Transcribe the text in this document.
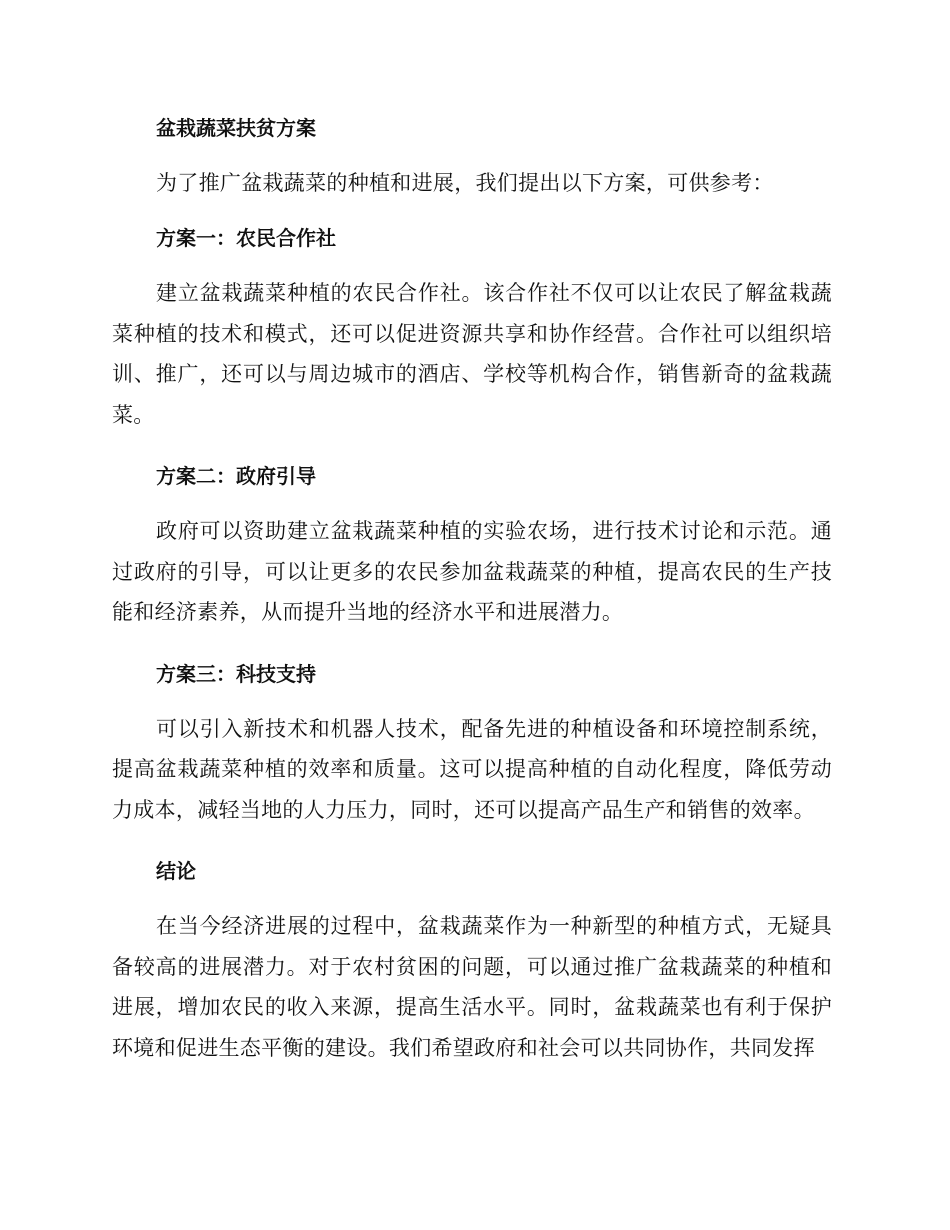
盆栽蔬菜扶贫方案

为了推广盆栽蔬菜的种植和进展，我们提出以下方案，可供参考：

方案一：农民合作社

建立盆栽蔬菜种植的农民合作社。该合作社不仅可以让农民了解盆栽蔬菜种植的技术和模式，还可以促进资源共享和协作经营。合作社可以组织培训、推广，还可以与周边城市的酒店、学校等机构合作，销售新奇的盆栽蔬菜。

方案二：政府引导

政府可以资助建立盆栽蔬菜种植的实验农场，进行技术讨论和示范。通过政府的引导，可以让更多的农民参加盆栽蔬菜的种植，提高农民的生产技能和经济素养，从而提升当地的经济水平和进展潜力。

方案三：科技支持

可以引入新技术和机器人技术，配备先进的种植设备和环境控制系统，提高盆栽蔬菜种植的效率和质量。这可以提高种植的自动化程度，降低劳动力成本，减轻当地的人力压力，同时，还可以提高产品生产和销售的效率。

结论

在当今经济进展的过程中，盆栽蔬菜作为一种新型的种植方式，无疑具备较高的进展潜力。对于农村贫困的问题，可以通过推广盆栽蔬菜的种植和进展，增加农民的收入来源，提高生活水平。同时，盆栽蔬菜也有利于保护环境和促进生态平衡的建设。我们希望政府和社会可以共同协作，共同发挥
